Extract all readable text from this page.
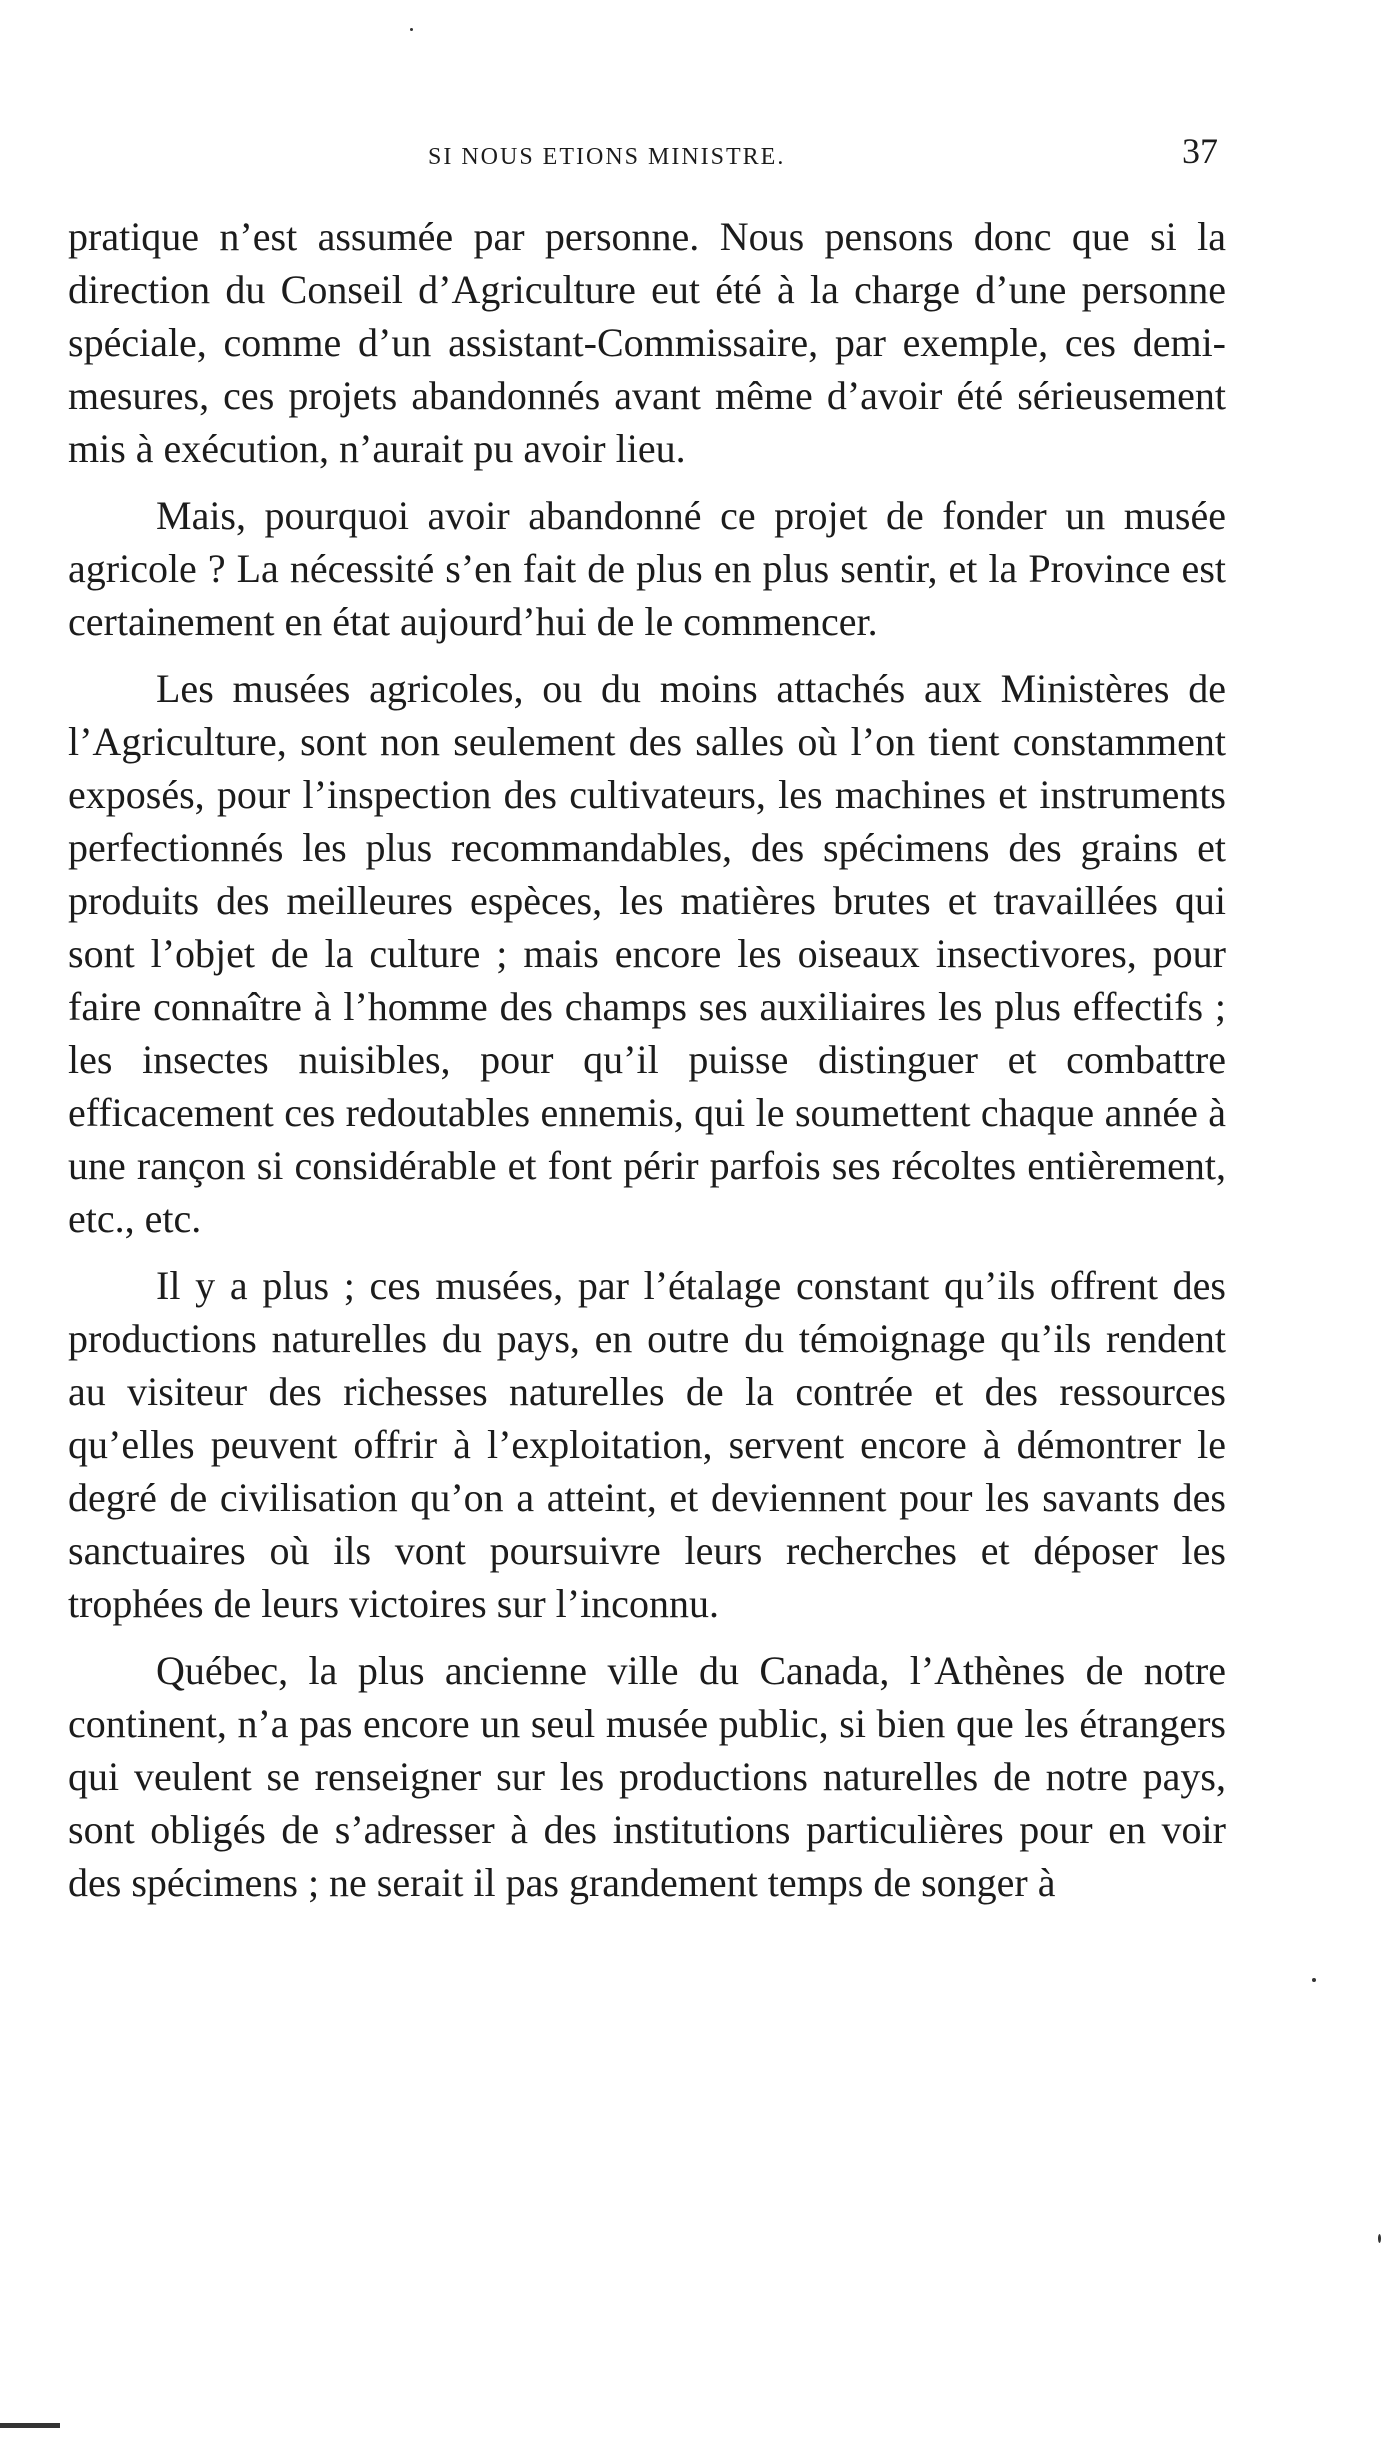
SI NOUS ETIONS MINISTRE.	37

pratique n’est assumée par personne. Nous pensons donc que si la direction du Conseil d’Agriculture eut été à la charge d’une personne spéciale, comme d’un assistant-Commissaire, par exemple, ces demi-mesures, ces projets abandonnés avant même d’avoir été sérieusement mis à exécution, n’aurait pu avoir lieu.

Mais, pourquoi avoir abandonné ce projet de fonder un musée agricole ? La nécessité s’en fait de plus en plus sentir, et la Province est certainement en état aujourd’hui de le commencer.

Les musées agricoles, ou du moins attachés aux Ministères de l’Agriculture, sont non seulement des salles où l’on tient constamment exposés, pour l’inspection des cultivateurs, les machines et instruments perfectionnés les plus recommandables, des spécimens des grains et produits des meilleures espèces, les matières brutes et travaillées qui sont l’objet de la culture ; mais encore les oiseaux insectivores, pour faire connaître à l’homme des champs ses auxiliaires les plus effectifs ; les insectes nuisibles, pour qu’il puisse distinguer et combattre efficacement ces redoutables ennemis, qui le soumettent chaque année à une rançon si considérable et font périr parfois ses récoltes entièrement, etc., etc.

Il y a plus ; ces musées, par l’étalage constant qu’ils offrent des productions naturelles du pays, en outre du témoignage qu’ils rendent au visiteur des richesses naturelles de la contrée et des ressources qu’elles peuvent offrir à l’exploitation, servent encore à démontrer le degré de civilisation qu’on a atteint, et deviennent pour les savants des sanctuaires où ils vont poursuivre leurs recherches et déposer les trophées de leurs victoires sur l’inconnu.

Québec, la plus ancienne ville du Canada, l’Athènes de notre continent, n’a pas encore un seul musée public, si bien que les étrangers qui veulent se renseigner sur les productions naturelles de notre pays, sont obligés de s’adresser à des institutions particulières pour en voir des spécimens ; ne serait il pas grandement temps de songer à
